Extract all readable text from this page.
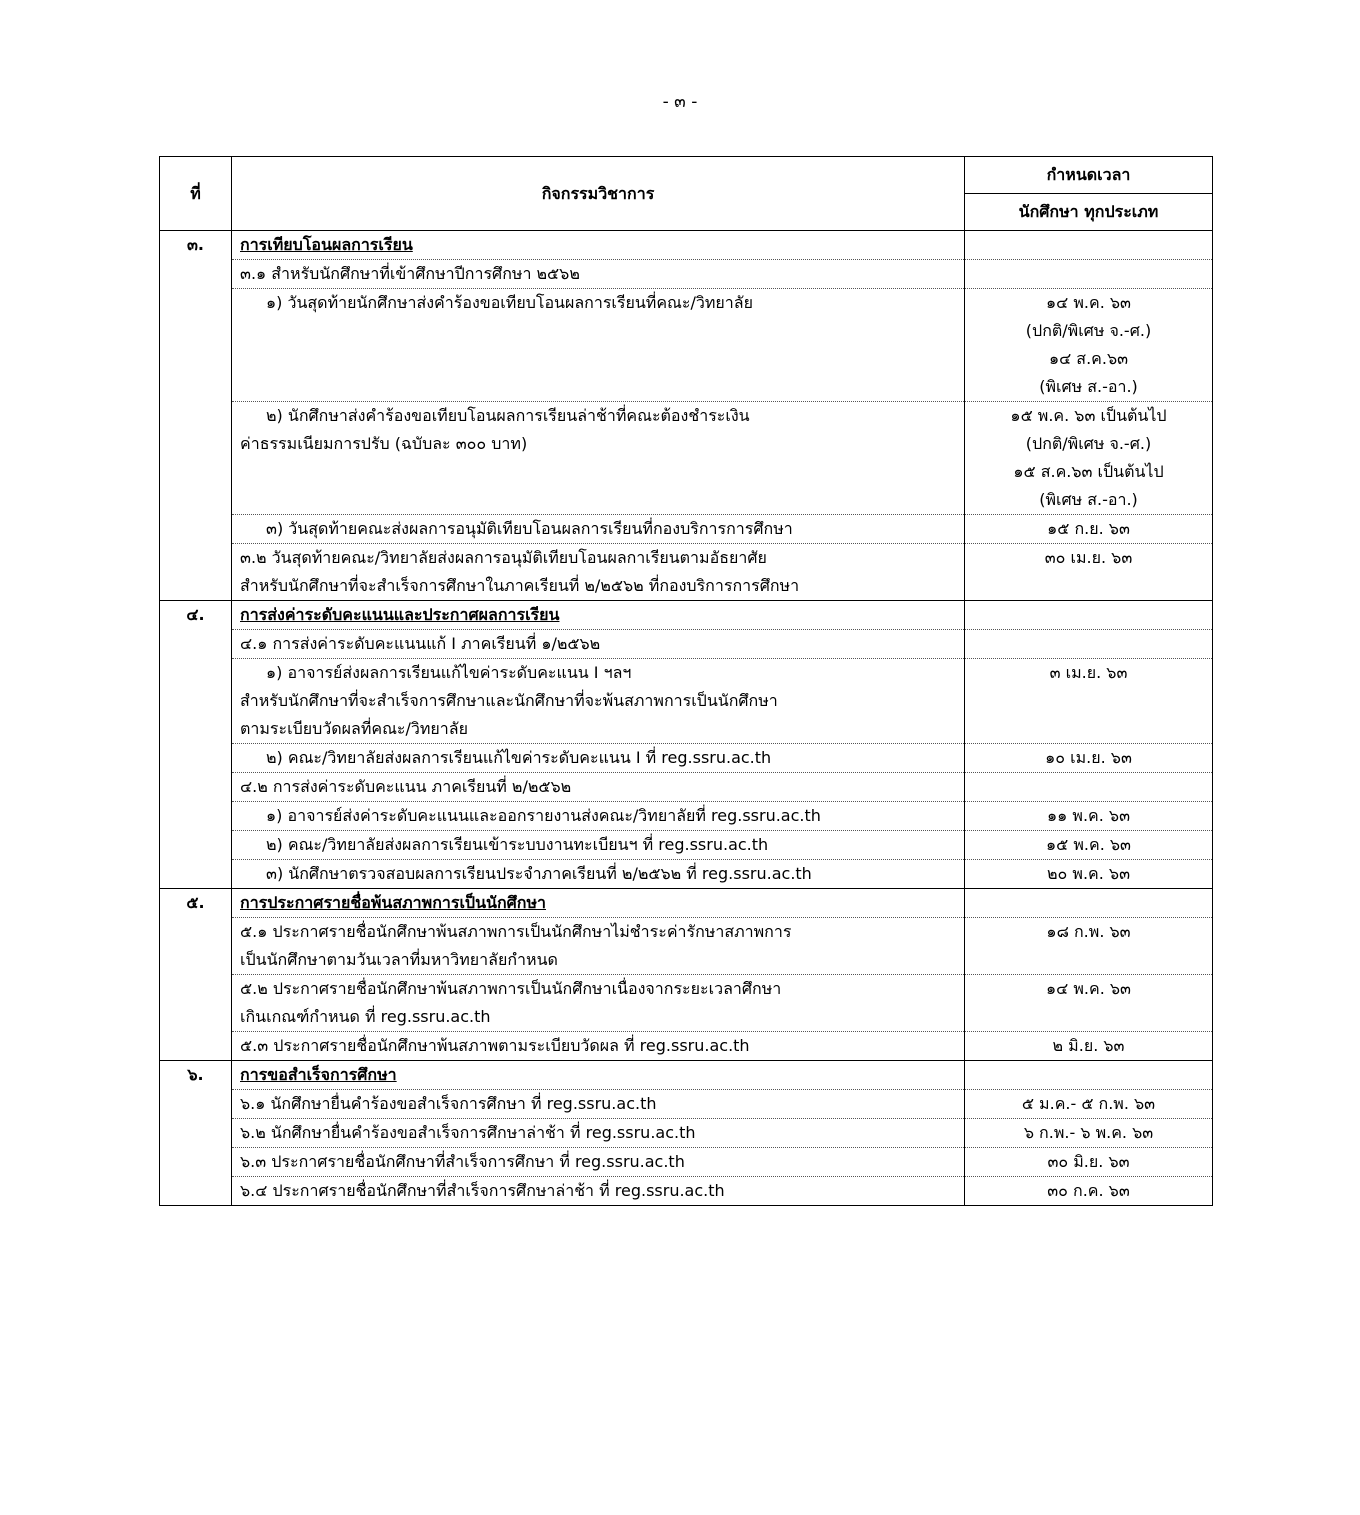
- ๓ -
ที่	กิจกรรมวิชาการ	กำหนดเวลา
		นักศึกษา ทุกประเภท
๓.	การเทียบโอนผลการเรียน	

	๓.๑ สำหรับนักศึกษาที่เข้าศึกษาปีการศึกษา ๒๕๖๒	

	๑) วันสุดท้ายนักศึกษาส่งคำร้องขอเทียบโอนผลการเรียนที่คณะ/วิทยาลัย	๑๔ พ.ค. ๖๓
(ปกติ/พิเศษ จ.-ศ.)
๑๔ ส.ค.๖๓
(พิเศษ ส.-อา.)

	๒) นักศึกษาส่งคำร้องขอเทียบโอนผลการเรียนล่าช้าที่คณะต้องชำระเงิน
ค่าธรรมเนียมการปรับ (ฉบับละ ๓๐๐ บาท)	๑๕ พ.ค. ๖๓ เป็นต้นไป
(ปกติ/พิเศษ จ.-ศ.)
๑๕ ส.ค.๖๓ เป็นต้นไป
(พิเศษ ส.-อา.)

	๓) วันสุดท้ายคณะส่งผลการอนุมัติเทียบโอนผลการเรียนที่กองบริการการศึกษา	๑๕ ก.ย. ๖๓

	๓.๒ วันสุดท้ายคณะ/วิทยาลัยส่งผลการอนุมัติเทียบโอนผลกาเรียนตามอัธยาศัย
สำหรับนักศึกษาที่จะสำเร็จการศึกษาในภาคเรียนที่ ๒/๒๕๖๒ ที่กองบริการการศึกษา	๓๐ เม.ย. ๖๓

๔.	การส่งค่าระดับคะแนนและประกาศผลการเรียน	

	๔.๑ การส่งค่าระดับคะแนนแก้ I ภาคเรียนที่ ๑/๒๕๖๒	

	๑) อาจารย์ส่งผลการเรียนแก้ไขค่าระดับคะแนน I ฯลฯ
สำหรับนักศึกษาที่จะสำเร็จการศึกษาและนักศึกษาที่จะพ้นสภาพการเป็นนักศึกษา
ตามระเบียบวัดผลที่คณะ/วิทยาลัย	๓ เม.ย. ๖๓

	๒) คณะ/วิทยาลัยส่งผลการเรียนแก้ไขค่าระดับคะแนน I ที่ reg.ssru.ac.th	๑๐ เม.ย. ๖๓

	๔.๒ การส่งค่าระดับคะแนน ภาคเรียนที่ ๒/๒๕๖๒	

	๑) อาจารย์ส่งค่าระดับคะแนนและออกรายงานส่งคณะ/วิทยาลัยที่ reg.ssru.ac.th	๑๑ พ.ค. ๖๓

	๒) คณะ/วิทยาลัยส่งผลการเรียนเข้าระบบงานทะเบียนฯ ที่ reg.ssru.ac.th	๑๕ พ.ค. ๖๓

	๓) นักศึกษาตรวจสอบผลการเรียนประจำภาคเรียนที่ ๒/๒๕๖๒ ที่ reg.ssru.ac.th	๒๐ พ.ค. ๖๓

๕.	การประกาศรายชื่อพ้นสภาพการเป็นนักศึกษา	

	๕.๑ ประกาศรายชื่อนักศึกษาพ้นสภาพการเป็นนักศึกษาไม่ชำระค่ารักษาสภาพการ
เป็นนักศึกษาตามวันเวลาที่มหาวิทยาลัยกำหนด	๑๘ ก.พ. ๖๓

	๕.๒ ประกาศรายชื่อนักศึกษาพ้นสภาพการเป็นนักศึกษาเนื่องจากระยะเวลาศึกษา
เกินเกณฑ์กำหนด ที่ reg.ssru.ac.th	๑๔ พ.ค. ๖๓

	๕.๓ ประกาศรายชื่อนักศึกษาพ้นสภาพตามระเบียบวัดผล ที่ reg.ssru.ac.th	๒ มิ.ย. ๖๓

๖.	การขอสำเร็จการศึกษา	

	๖.๑ นักศึกษายื่นคำร้องขอสำเร็จการศึกษา ที่ reg.ssru.ac.th	๕ ม.ค.- ๕ ก.พ. ๖๓

	๖.๒ นักศึกษายื่นคำร้องขอสำเร็จการศึกษาล่าช้า ที่ reg.ssru.ac.th	๖ ก.พ.- ๖ พ.ค. ๖๓

	๖.๓ ประกาศรายชื่อนักศึกษาที่สำเร็จการศึกษา ที่ reg.ssru.ac.th	๓๐ มิ.ย. ๖๓

	๖.๔ ประกาศรายชื่อนักศึกษาที่สำเร็จการศึกษาล่าช้า ที่ reg.ssru.ac.th	๓๐ ก.ค. ๖๓
